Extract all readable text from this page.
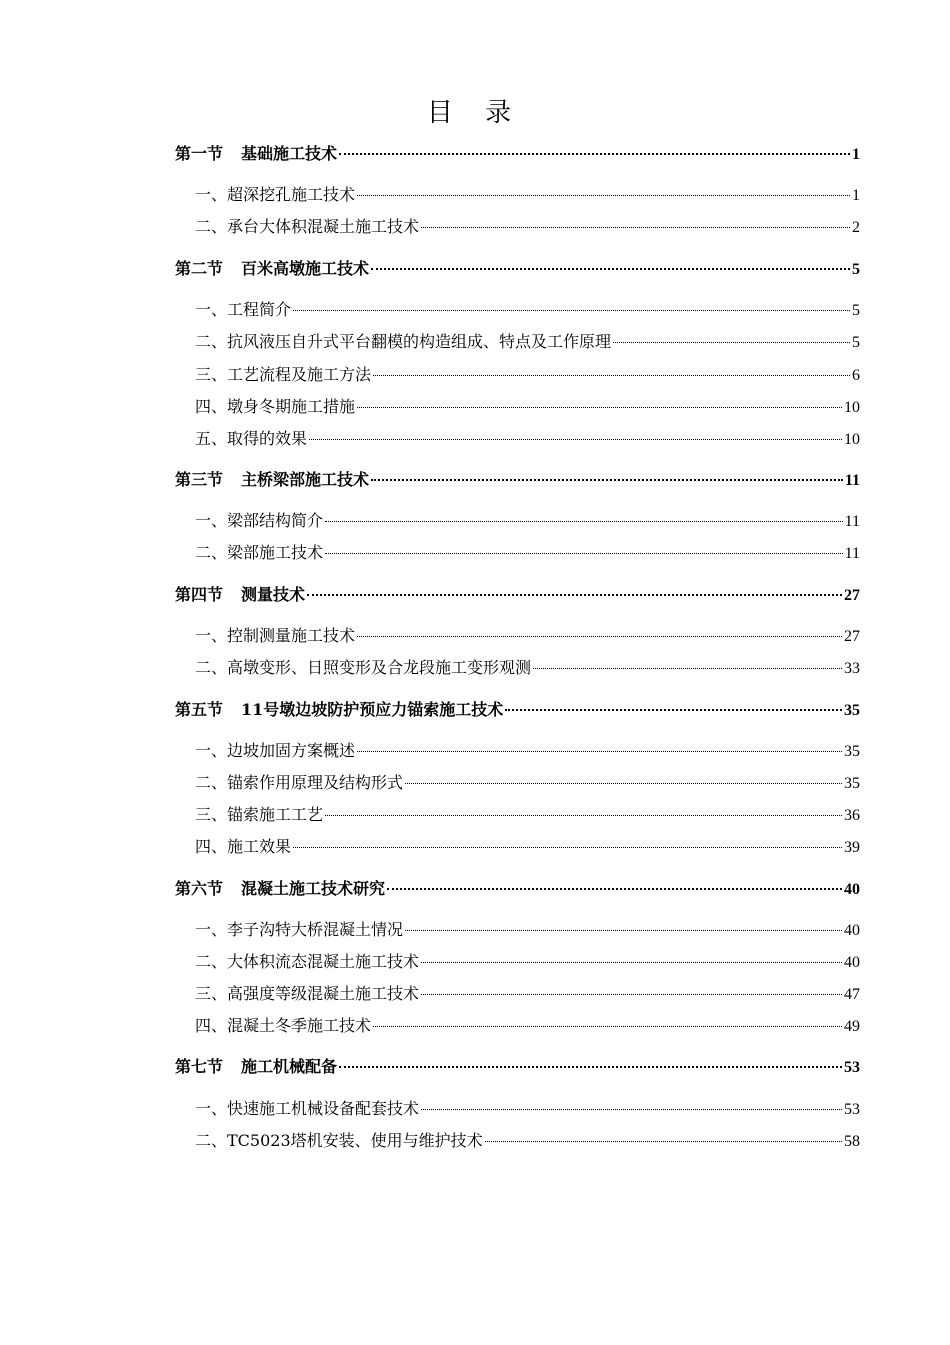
目 录
第一节 基础施工技术	1
一、超深挖孔施工技术	1
二、承台大体积混凝土施工技术	2
第二节 百米高墩施工技术	5
一、工程简介	5
二、抗风液压自升式平台翻模的构造组成、特点及工作原理	5
三、工艺流程及施工方法	6
四、墩身冬期施工措施	10
五、取得的效果	10
第三节 主桥梁部施工技术	11
一、梁部结构简介	11
二、梁部施工技术	11
第四节 测量技术	27
一、控制测量施工技术	27
二、高墩变形、日照变形及合龙段施工变形观测	33
第五节 11号墩边坡防护预应力锚索施工技术	35
一、边坡加固方案概述	35
二、锚索作用原理及结构形式	35
三、锚索施工工艺	36
四、施工效果	39
第六节 混凝土施工技术研究	40
一、李子沟特大桥混凝土情况	40
二、大体积流态混凝土施工技术	40
三、高强度等级混凝土施工技术	47
四、混凝土冬季施工技术	49
第七节 施工机械配备	53
一、快速施工机械设备配套技术	53
二、TC5023塔机安装、使用与维护技术	58
